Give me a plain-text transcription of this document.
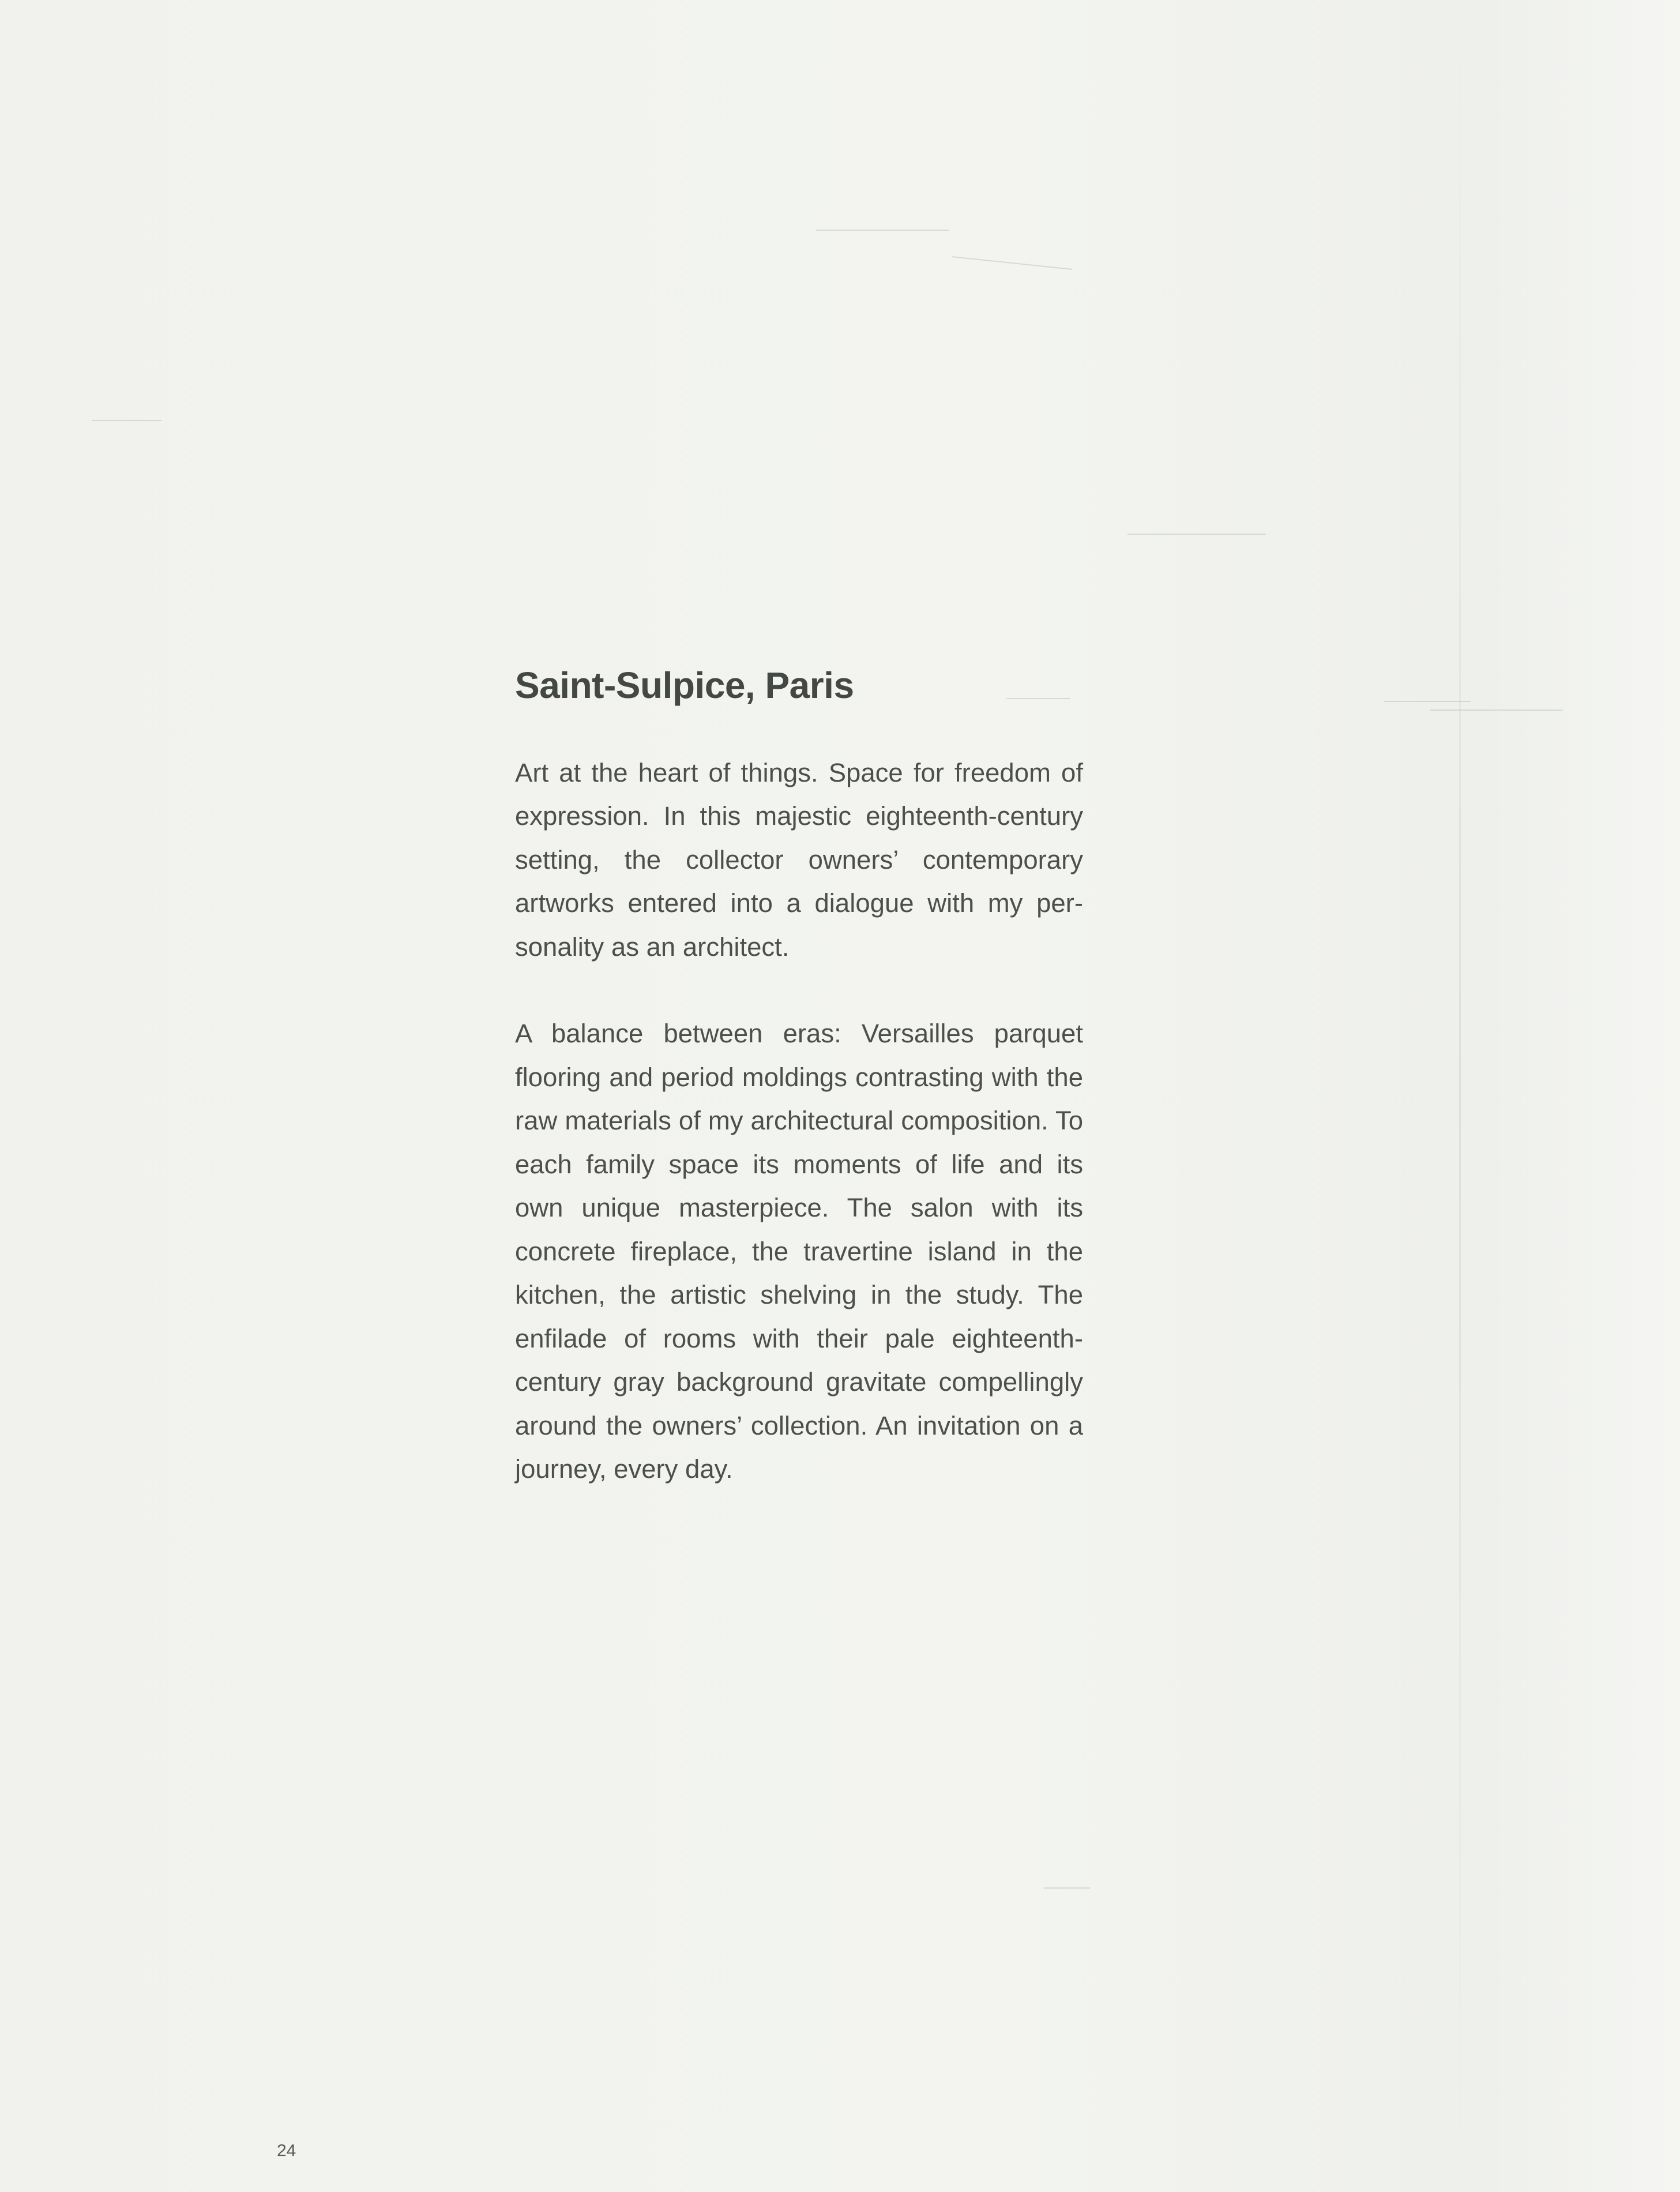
Saint-Sulpice, Paris

Art at the heart of things. Space for freedom of expression. In this majestic eighteenth-century setting, the collector owners’ contemporary artworks entered into a dialogue with my personality as an architect.

A balance between eras: Versailles parquet flooring and period moldings contrasting with the raw materials of my architectural composition. To each family space its moments of life and its own unique masterpiece. The salon with its concrete fireplace, the travertine island in the kitchen, the artistic shelving in the study. The enfilade of rooms with their pale eighteenth-century gray background gravitate compellingly around the owners’ collection. An invitation on a journey, every day.

24
